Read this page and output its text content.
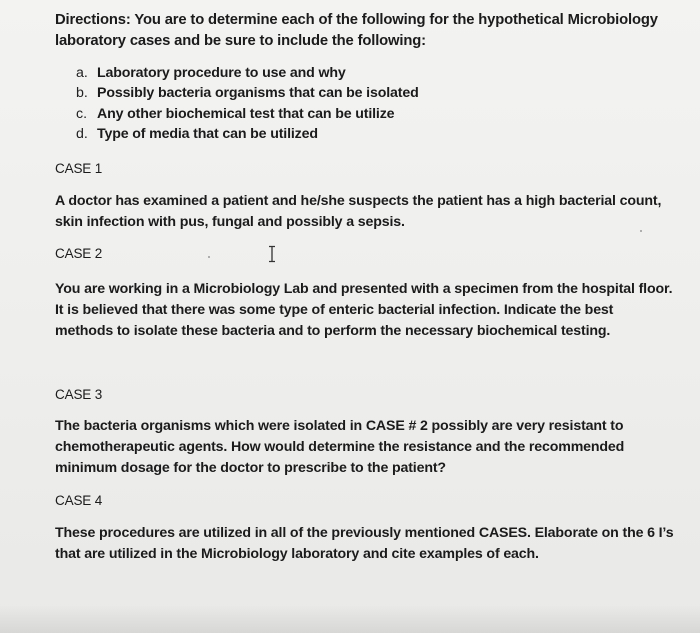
Directions: You are to determine each of the following for the hypothetical Microbiology
laboratory cases and be sure to include the following:
a. Laboratory procedure to use and why
b. Possibly bacteria organisms that can be isolated
c. Any other biochemical test that can be utilize
d. Type of media that can be utilized
CASE 1
A doctor has examined a patient and he/she suspects the patient has a high bacterial count,
skin infection with pus, fungal and possibly a sepsis.
CASE 2
You are working in a Microbiology Lab and presented with a specimen from the hospital floor.
It is believed that there was some type of enteric bacterial infection. Indicate the best
methods to isolate these bacteria and to perform the necessary biochemical testing.
CASE 3
The bacteria organisms which were isolated in CASE # 2 possibly are very resistant to
chemotherapeutic agents. How would determine the resistance and the recommended
minimum dosage for the doctor to prescribe to the patient?
CASE 4
These procedures are utilized in all of the previously mentioned CASES. Elaborate on the 6 I’s
that are utilized in the Microbiology laboratory and cite examples of each.
